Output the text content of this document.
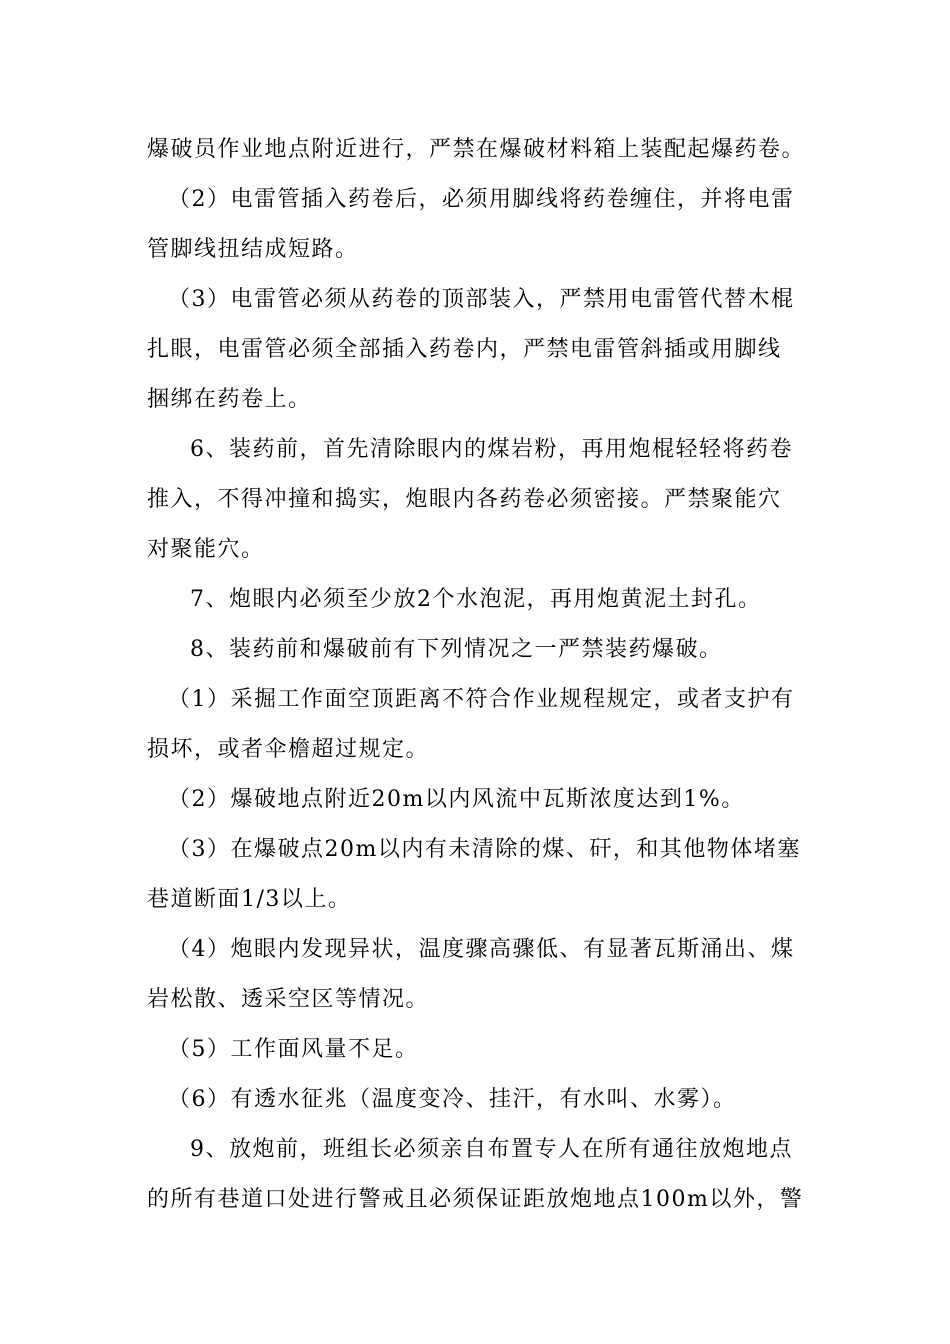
爆破员作业地点附近进行，严禁在爆破材料箱上装配起爆药卷。
（2）电雷管插入药卷后，必须用脚线将药卷缠住，并将电雷
管脚线扭结成短路。
（3）电雷管必须从药卷的顶部装入，严禁用电雷管代替木棍
扎眼，电雷管必须全部插入药卷内，严禁电雷管斜插或用脚线
捆绑在药卷上。
6、装药前，首先清除眼内的煤岩粉，再用炮棍轻轻将药卷
推入，不得冲撞和捣实，炮眼内各药卷必须密接。严禁聚能穴
对聚能穴。
7、炮眼内必须至少放2个水泡泥，再用炮黄泥土封孔。
8、装药前和爆破前有下列情况之一严禁装药爆破。
（1）采掘工作面空顶距离不符合作业规程规定，或者支护有
损坏，或者伞檐超过规定。
（2）爆破地点附近20m以内风流中瓦斯浓度达到1%。
（3）在爆破点20m以内有未清除的煤、矸，和其他物体堵塞
巷道断面1/3以上。
（4）炮眼内发现异状，温度骤高骤低、有显著瓦斯涌出、煤
岩松散、透采空区等情况。
（5）工作面风量不足。
（6）有透水征兆（温度变冷、挂汗，有水叫、水雾）。
9、放炮前，班组长必须亲自布置专人在所有通往放炮地点
的所有巷道口处进行警戒且必须保证距放炮地点100m以外，警
